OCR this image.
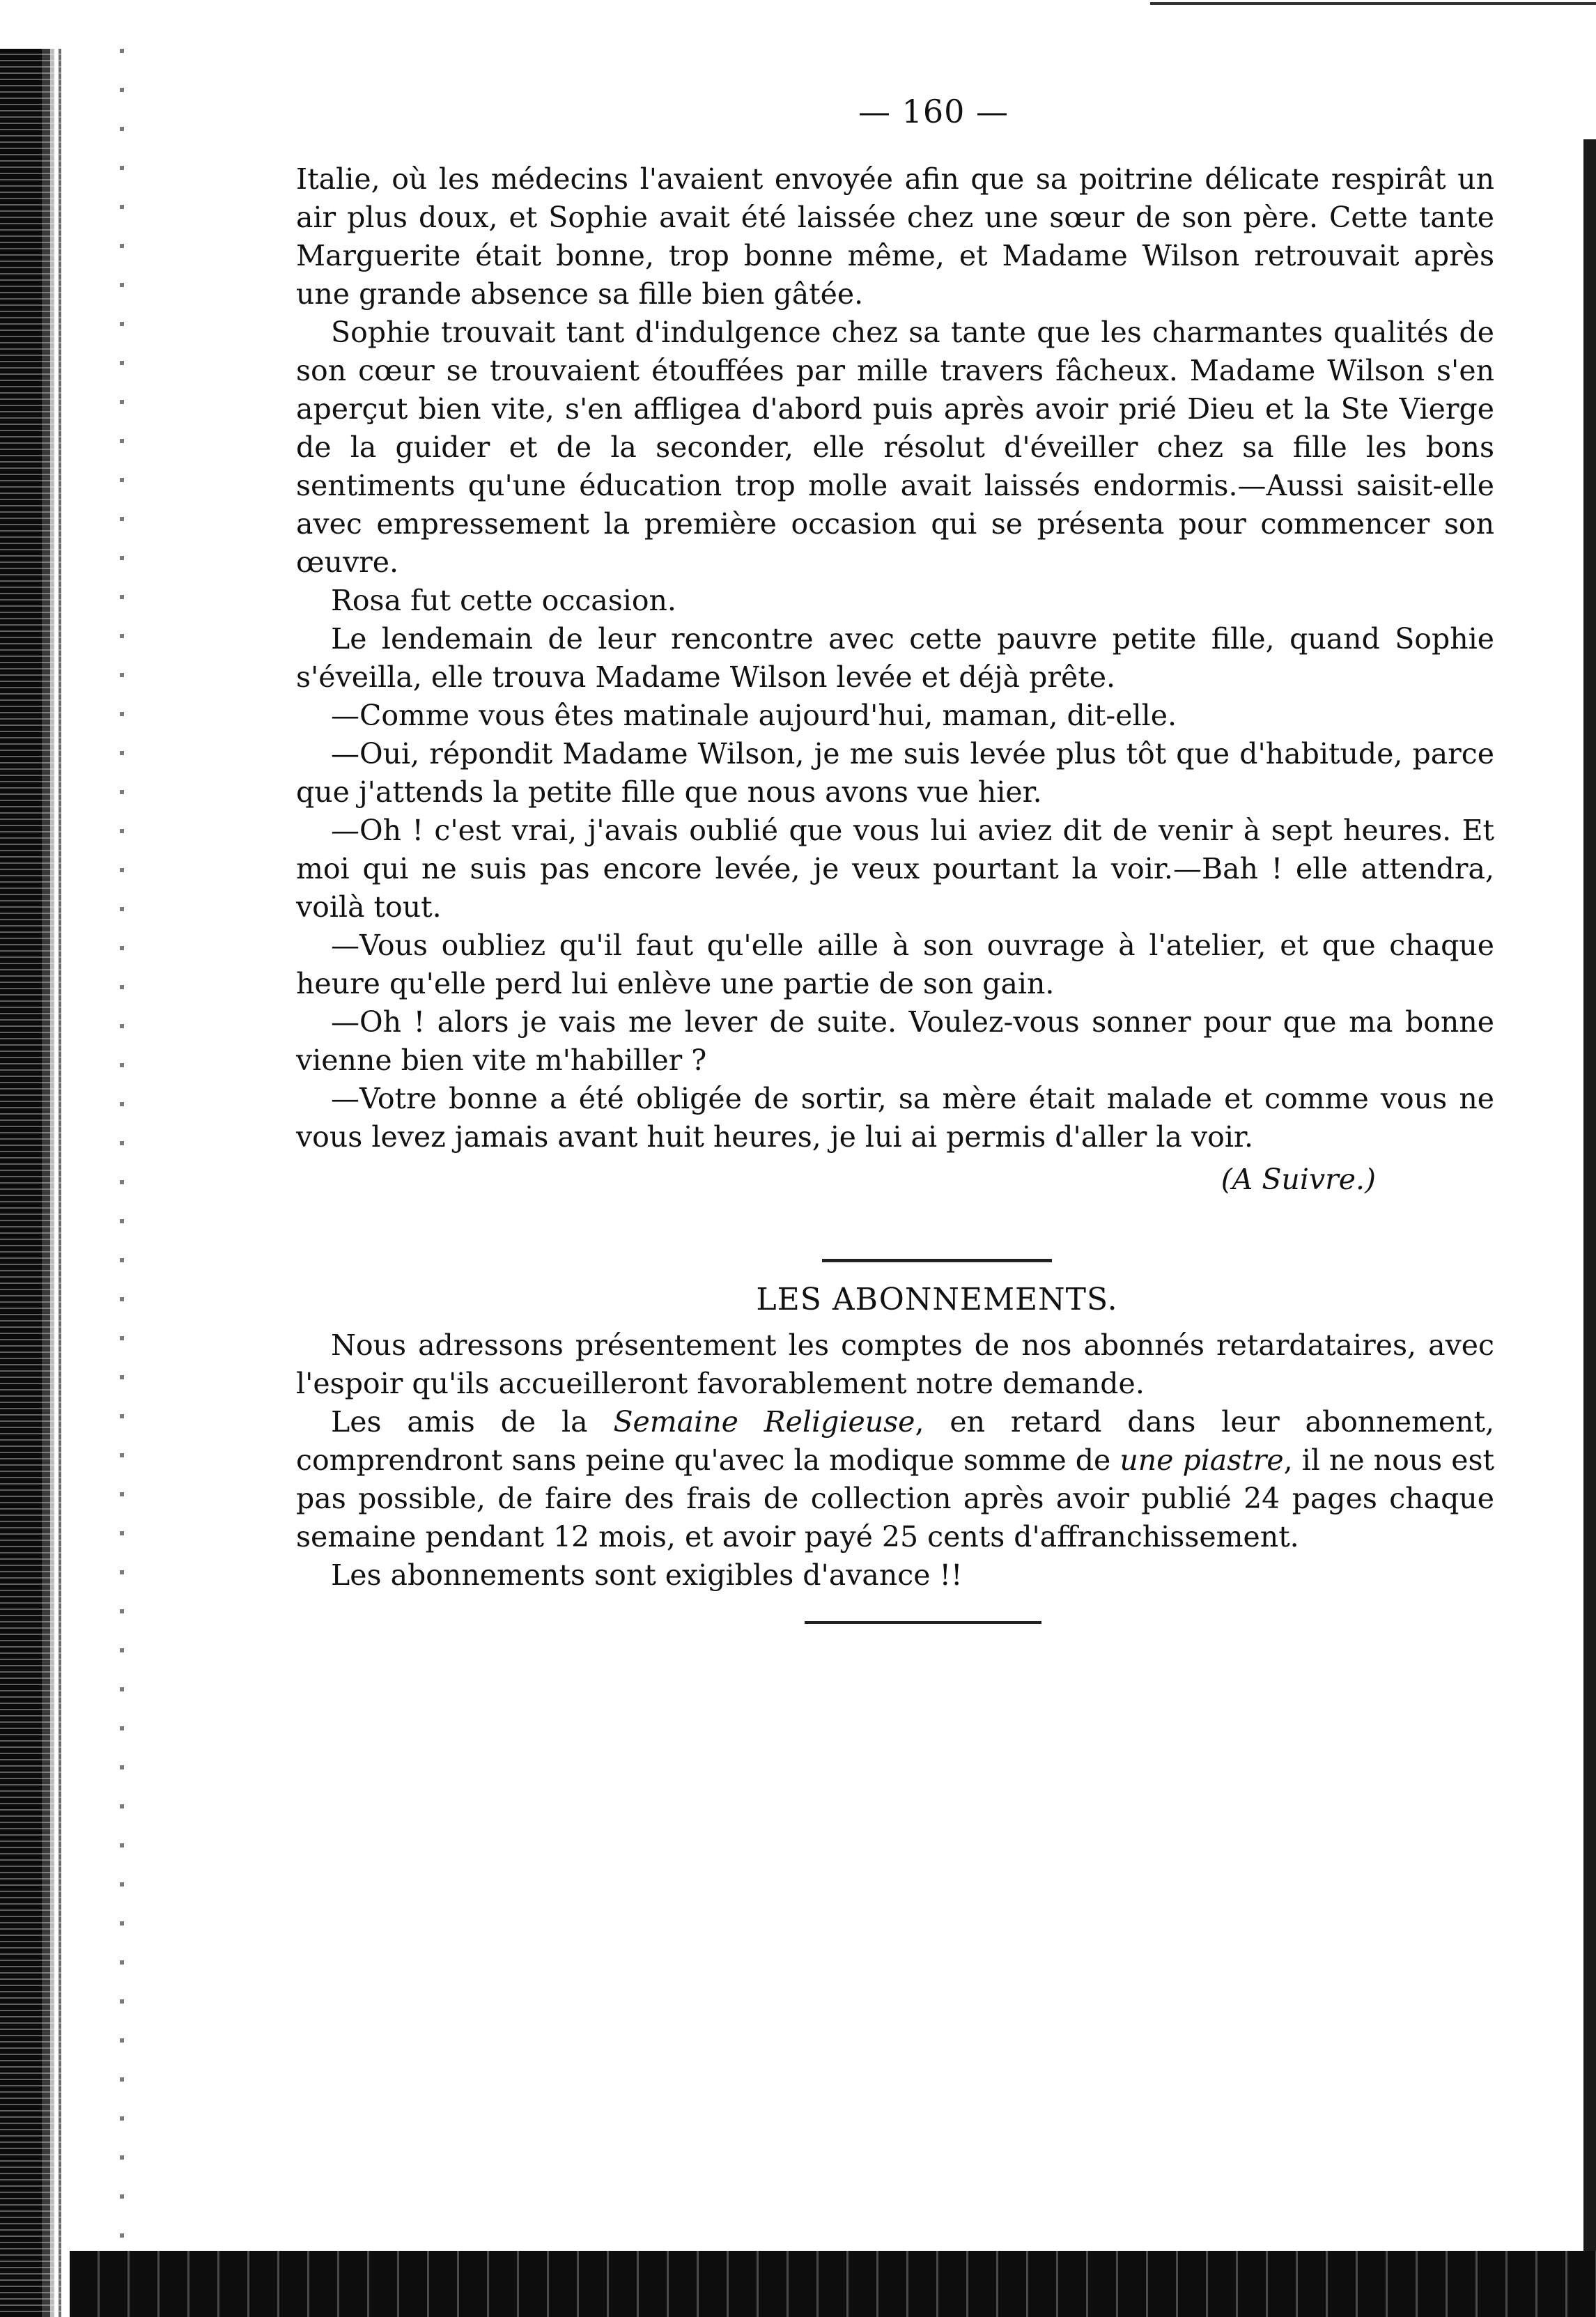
— 160 —

Italie, où les médecins l'avaient envoyée afin que sa poitrine délicate respirât un air plus doux, et Sophie avait été laissée chez une sœur de son père. Cette tante Marguerite était bonne, trop bonne même, et Madame Wilson retrouvait après une grande absence sa fille bien gâtée.

Sophie trouvait tant d'indulgence chez sa tante que les charmantes qualités de son cœur se trouvaient étouffées par mille travers fâcheux. Madame Wilson s'en aperçut bien vite, s'en affligea d'abord puis après avoir prié Dieu et la Ste Vierge de la guider et de la seconder, elle résolut d'éveiller chez sa fille les bons sentiments qu'une éducation trop molle avait laissés endormis.—Aussi saisit-elle avec empressement la première occasion qui se présenta pour commencer son œuvre.

Rosa fut cette occasion.

Le lendemain de leur rencontre avec cette pauvre petite fille, quand Sophie s'éveilla, elle trouva Madame Wilson levée et déjà prête.

—Comme vous êtes matinale aujourd'hui, maman, dit-elle.

—Oui, répondit Madame Wilson, je me suis levée plus tôt que d'habitude, parce que j'attends la petite fille que nous avons vue hier.

—Oh ! c'est vrai, j'avais oublié que vous lui aviez dit de venir à sept heures. Et moi qui ne suis pas encore levée, je veux pourtant la voir.—Bah ! elle attendra, voilà tout.

—Vous oubliez qu'il faut qu'elle aille à son ouvrage à l'atelier, et que chaque heure qu'elle perd lui enlève une partie de son gain.

—Oh ! alors je vais me lever de suite. Voulez-vous sonner pour que ma bonne vienne bien vite m'habiller ?

—Votre bonne a été obligée de sortir, sa mère était malade et comme vous ne vous levez jamais avant huit heures, je lui ai permis d'aller la voir.

(A Suivre.)
LES ABONNEMENTS.

Nous adressons présentement les comptes de nos abonnés retardataires, avec l'espoir qu'ils accueilleront favorablement notre demande.

Les amis de la Semaine Religieuse, en retard dans leur abonnement, comprendront sans peine qu'avec la modique somme de une piastre, il ne nous est pas possible, de faire des frais de collection après avoir publié 24 pages chaque semaine pendant 12 mois, et avoir payé 25 cents d'affranchissement.

Les abonnements sont exigibles d'avance !!
